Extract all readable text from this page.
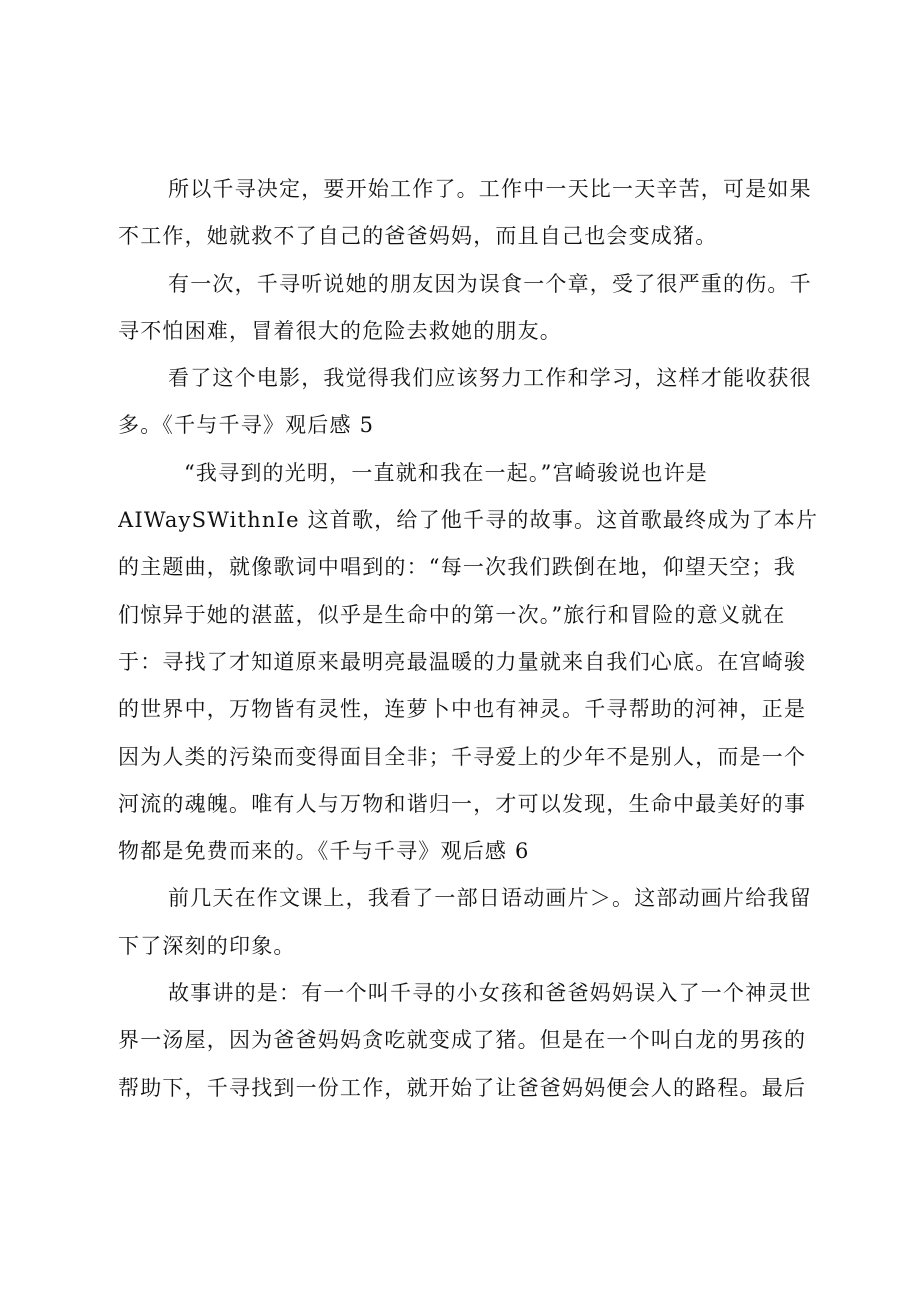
所以千寻决定，要开始工作了。工作中一天比一天辛苦，可是如果
不工作，她就救不了自己的爸爸妈妈，而且自己也会变成猪。
有一次，千寻听说她的朋友因为误食一个章，受了很严重的伤。千
寻不怕困难，冒着很大的危险去救她的朋友。
看了这个电影，我觉得我们应该努力工作和学习，这样才能收获很
多。《千与千寻》观后感 5
“我寻到的光明，一直就和我在一起。”宫崎骏说也许是
AIWaySWithnIe 这首歌，给了他千寻的故事。这首歌最终成为了本片
的主题曲，就像歌词中唱到的：“每一次我们跌倒在地，仰望天空；我
们惊异于她的湛蓝，似乎是生命中的第一次。”旅行和冒险的意义就在
于：寻找了才知道原来最明亮最温暖的力量就来自我们心底。在宫崎骏
的世界中，万物皆有灵性，连萝卜中也有神灵。千寻帮助的河神，正是
因为人类的污染而变得面目全非；千寻爱上的少年不是别人，而是一个
河流的魂魄。唯有人与万物和谐归一，才可以发现，生命中最美好的事
物都是免费而来的。《千与千寻》观后感 6
前几天在作文课上，我看了一部日语动画片＞。这部动画片给我留
下了深刻的印象。
故事讲的是：有一个叫千寻的小女孩和爸爸妈妈误入了一个神灵世
界一汤屋，因为爸爸妈妈贪吃就变成了猪。但是在一个叫白龙的男孩的
帮助下，千寻找到一份工作，就开始了让爸爸妈妈便会人的路程。最后
